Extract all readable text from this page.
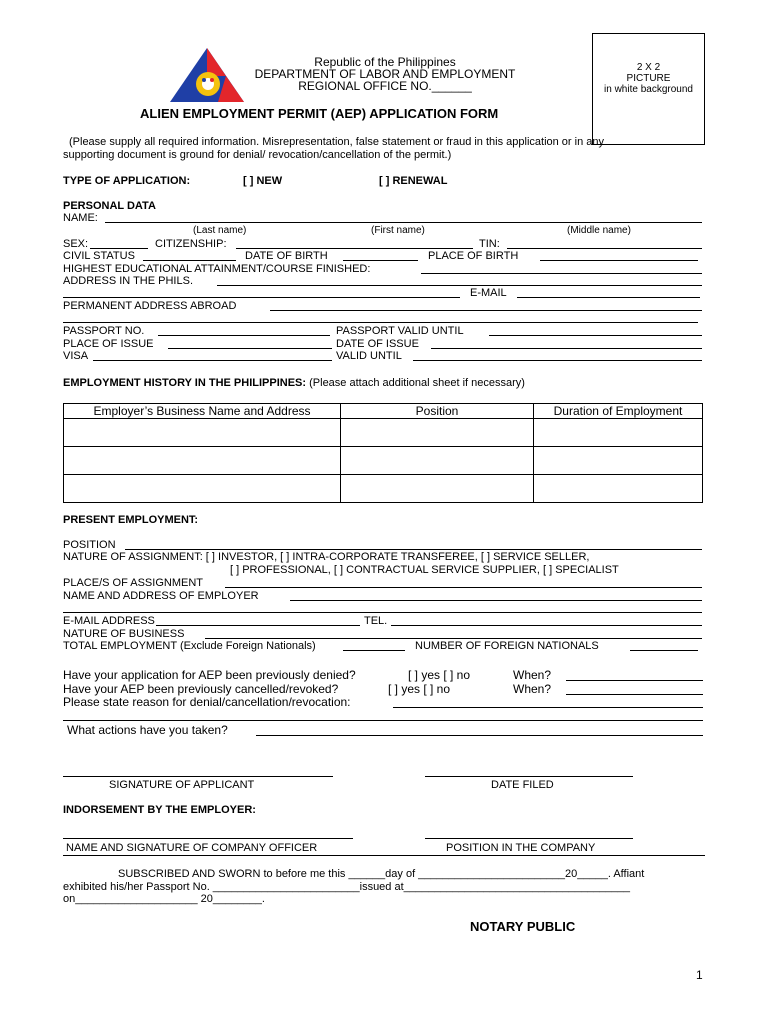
Republic of the Philippines
DEPARTMENT OF LABOR AND EMPLOYMENT
REGIONAL OFFICE NO.______
ALIEN EMPLOYMENT PERMIT (AEP) APPLICATION FORM
2 X 2
PICTURE
in white background
(Please supply all required information. Misrepresentation, false statement or fraud in this application or in any
supporting document is ground for denial/ revocation/cancellation of the permit.)
TYPE OF APPLICATION:	[ ] NEW	[ ] RENEWAL
PERSONAL DATA
NAME:
(Last name)	(First name)	(Middle name)
SEX:	CITIZENSHIP:	TIN:
CIVIL STATUS	DATE OF BIRTH	PLACE OF BIRTH
HIGHEST EDUCATIONAL ATTAINMENT/COURSE FINISHED:
ADDRESS IN THE PHILS.
E-MAIL
PERMANENT ADDRESS ABROAD
PASSPORT NO.	PASSPORT VALID UNTIL
PLACE OF ISSUE	DATE OF ISSUE
VISA	VALID UNTIL
EMPLOYMENT HISTORY IN THE PHILIPPINES: (Please attach additional sheet if necessary)
Employer’s Business Name and Address	Position	Duration of Employment

PRESENT EMPLOYMENT:
POSITION
NATURE OF ASSIGNMENT: [ ] INVESTOR, [ ] INTRA-CORPORATE TRANSFEREE, [ ] SERVICE SELLER,
[ ] PROFESSIONAL, [ ] CONTRACTUAL SERVICE SUPPLIER, [ ] SPECIALIST
PLACE/S OF ASSIGNMENT
NAME AND ADDRESS OF EMPLOYER
E-MAIL ADDRESS	TEL.
NATURE OF BUSINESS
TOTAL EMPLOYMENT (Exclude Foreign Nationals)	NUMBER OF FOREIGN NATIONALS
Have your application for AEP been previously denied?	[ ] yes [ ] no	When?
Have your AEP been previously cancelled/revoked?	[ ] yes [ ] no	When?
Please state reason for denial/cancellation/revocation:
What actions have you taken?
SIGNATURE OF APPLICANT	DATE FILED
INDORSEMENT BY THE EMPLOYER:
NAME AND SIGNATURE OF COMPANY OFFICER	POSITION IN THE COMPANY
SUBSCRIBED AND SWORN to before me this ______day of ________________________20_____. Affiant
exhibited his/her Passport No. ________________________issued at_____________________________________
on____________________ 20________.
NOTARY PUBLIC
1
